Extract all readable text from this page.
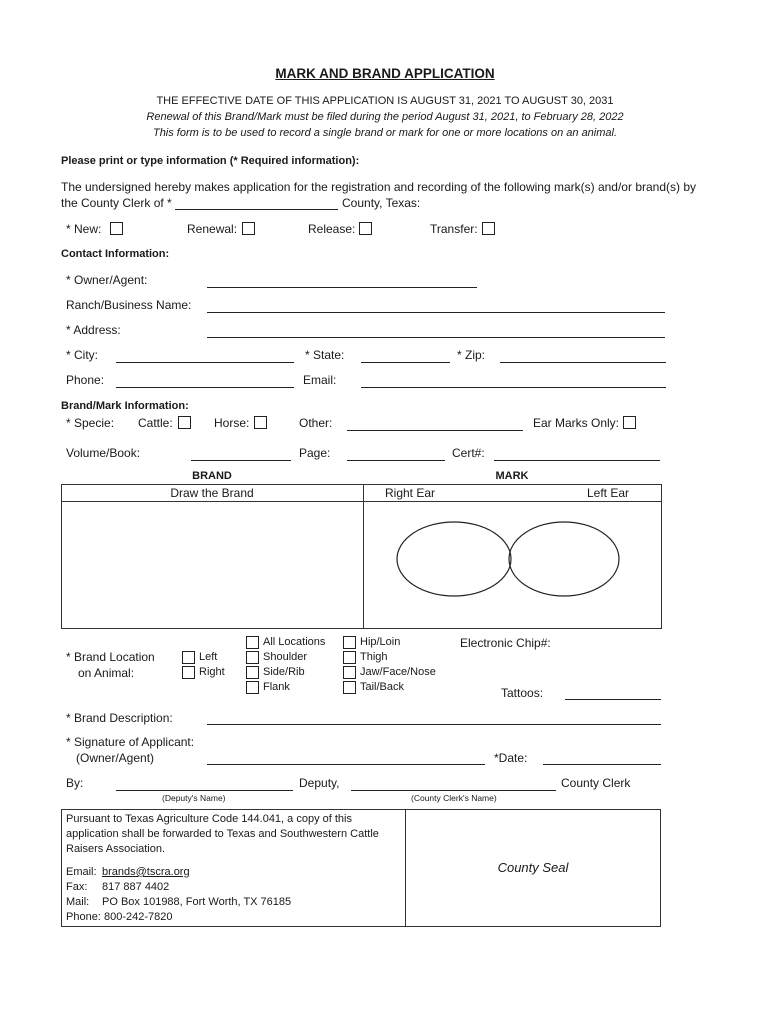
MARK AND BRAND APPLICATION
THE EFFECTIVE DATE OF THIS APPLICATION IS AUGUST 31, 2021 TO AUGUST 30, 2031
Renewal of this Brand/Mark must be filed during the period August 31, 2021, to February 28, 2022
This form is to be used to record a single brand or mark for one or more locations on an animal.
Please print or type information (* Required information):
The undersigned hereby makes application for the registration and recording of the following mark(s) and/or brand(s) by
the County Clerk of *	County, Texas:
* New:	Renewal:	Release:	Transfer:
Contact Information:
* Owner/Agent:
Ranch/Business Name:
* Address:
* City:	* State:	* Zip:
Phone:	Email:
Brand/Mark Information:
* Specie: Cattle:	Horse:	Other:	Ear Marks Only:
Volume/Book:	Page:	Cert#:
BRAND	MARK
Draw the Brand	Right Ear	Left Ear
* Brand Location
on Animal:
Left
Right
All Locations
Shoulder
Side/Rib
Flank
Hip/Loin
Thigh
Jaw/Face/Nose
Tail/Back
Electronic Chip#:
Tattoos:
* Brand Description:
* Signature of Applicant:
(Owner/Agent)	*Date:
By:	Deputy,	County Clerk
(Deputy's Name)	(County Clerk's Name)
Pursuant to Texas Agriculture Code 144.041, a copy of this
application shall be forwarded to Texas and Southwestern Cattle
Raisers Association.
Email: brands@tscra.org
Fax: 817 887 4402
Mail: PO Box 101988, Fort Worth, TX 76185
Phone: 800-242-7820
County Seal
